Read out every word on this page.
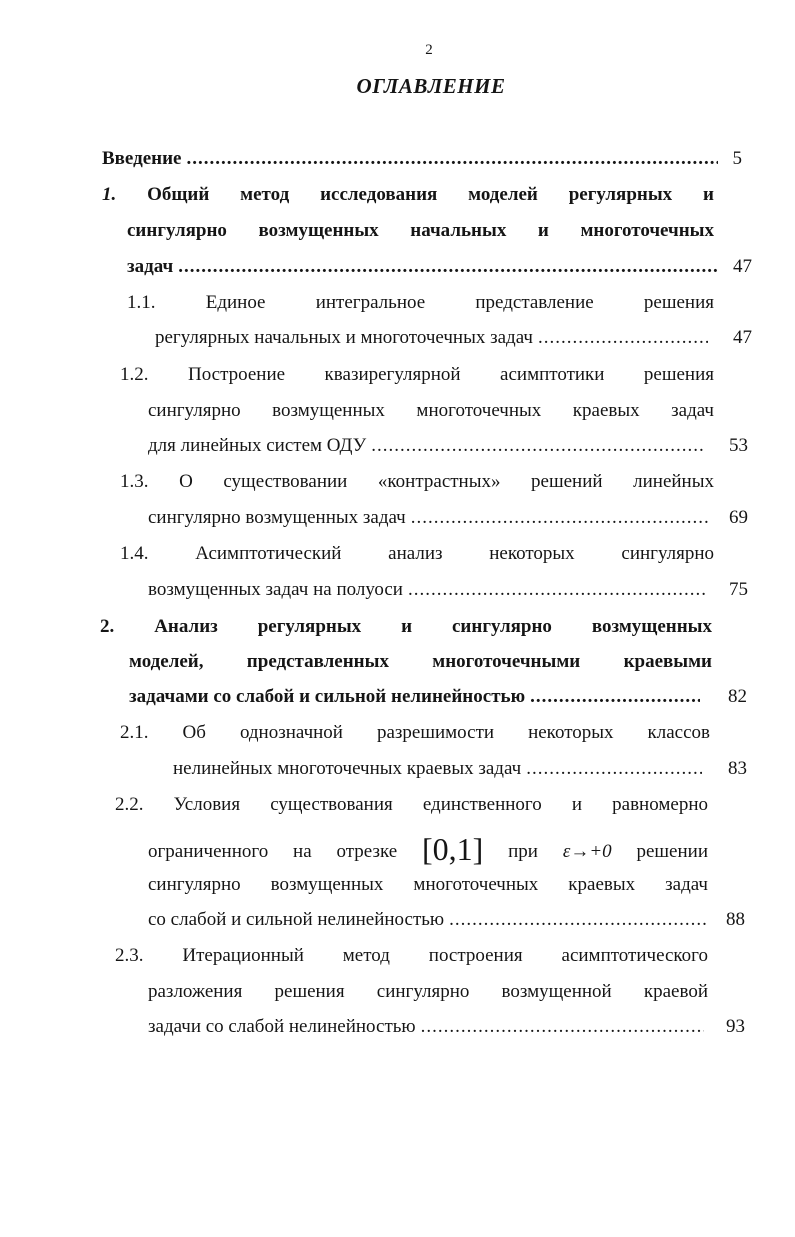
2
ОГЛАВЛЕНИЕ
Введение .....	5
1. Общий метод исследования моделей регулярных и
сингулярно возмущенных начальных и многоточечных
задач .....	47
1.1.	Единое интегральное представление решения
регулярных начальных и многоточечных задач .....	47
1.2. Построение квазирегулярной асимптотики решения
сингулярно возмущенных многоточечных краевых задач
для линейных систем ОДУ .....	53
1.3. О существовании «контрастных» решений линейных
сингулярно возмущенных задач .....	69
1.4. Асимптотический анализ некоторых сингулярно
возмущенных задач на полуоси .....	75
2. Анализ регулярных и сингулярно возмущенных
моделей, представленных многоточечными краевыми
задачами со слабой и сильной нелинейностью .....	82
2.1. Об однозначной разрешимости некоторых классов
нелинейных многоточечных краевых задач .....	83
2.2. Условия существования единственного и равномерно
ограниченного на отрезке [0,1] при ε→+0 решении
сингулярно возмущенных многоточечных краевых задач
со слабой и сильной нелинейностью .....	88
2.3. Итерационный метод построения асимптотического
разложения решения сингулярно возмущенной краевой
задачи со слабой нелинейностью .....	93
